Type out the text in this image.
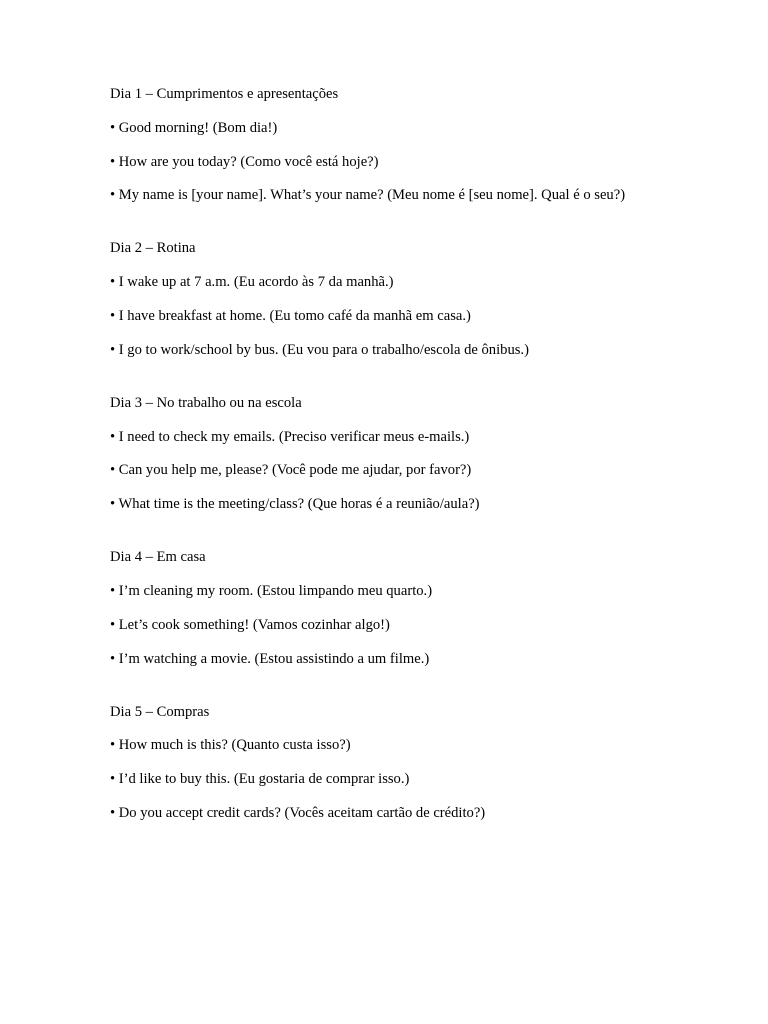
Dia 1 – Cumprimentos e apresentações
• Good morning! (Bom dia!)
• How are you today? (Como você está hoje?)
• My name is [your name]. What’s your name? (Meu nome é [seu nome]. Qual é o seu?)
Dia 2 – Rotina
• I wake up at 7 a.m. (Eu acordo às 7 da manhã.)
• I have breakfast at home. (Eu tomo café da manhã em casa.)
• I go to work/school by bus. (Eu vou para o trabalho/escola de ônibus.)
Dia 3 – No trabalho ou na escola
• I need to check my emails. (Preciso verificar meus e-mails.)
• Can you help me, please? (Você pode me ajudar, por favor?)
• What time is the meeting/class? (Que horas é a reunião/aula?)
Dia 4 – Em casa
• I’m cleaning my room. (Estou limpando meu quarto.)
• Let’s cook something! (Vamos cozinhar algo!)
• I’m watching a movie. (Estou assistindo a um filme.)
Dia 5 – Compras
• How much is this? (Quanto custa isso?)
• I’d like to buy this. (Eu gostaria de comprar isso.)
• Do you accept credit cards? (Vocês aceitam cartão de crédito?)
